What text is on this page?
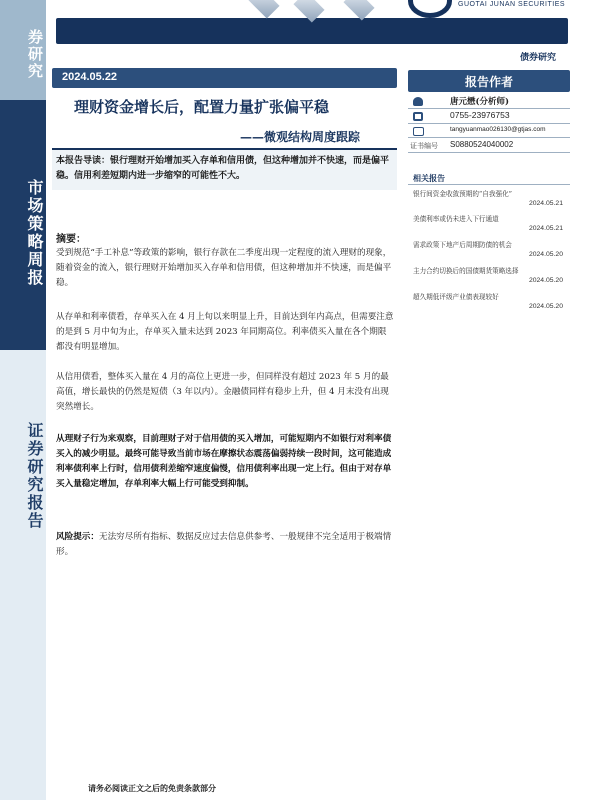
券研究
市场策略周报
证券研究报告
GUOTAI JUNAN SECURITIES
债券研究
2024.05.22
理财资金增长后，配置力量扩张偏平稳
——微观结构周度跟踪
本报告导读：银行理财开始增加买入存单和信用债，但这种增加并不快速，而是偏平稳。信用利差短期内进一步缩窄的可能性不大。
摘要：
受到规范“手工补息”等政策的影响，银行存款在二季度出现一定程度的流入理财的现象，随着资金的流入，银行理财开始增加买入存单和信用债，但这种增加并不快速，而是偏平稳。
从存单和利率债看，存单买入在 4 月上旬以来明显上升，目前达到年内高点，但需要注意的是到 5 月中旬为止，存单买入量未达到 2023 年同期高位。利率债买入量在各个期限都没有明显增加。
从信用债看，整体买入量在 4 月的高位上更进一步，但同样没有超过 2023 年 5 月的最高值，增长最快的仍然是短债（3 年以内）。金融债同样有稳步上升，但 4 月末没有出现突然增长。
从理财子行为来观察，目前理财子对于信用债的买入增加，可能短期内不如银行对利率债买入的减少明显。最终可能导致当前市场在摩擦状态震荡偏弱持续一段时间，这可能造成利率债利率上行时，信用债利差缩窄速度偏慢，信用债利率出现一定上行。但由于对存单买入量稳定增加，存单利率大幅上行可能受到抑制。
风险提示：无法穷尽所有指标、数据反应过去信息供参考、一般规律不完全适用于极端情形。
报告作者
唐元懋(分析师)
0755-23976753
tangyuanmao026130@gtjas.com
证书编号 S0880524040002
相关报告
银行间资金收敛预期的“自我强化”
2024.05.21
美债利率或仍未进入下行通道
2024.05.21
需求政策下地产后周期防债的机会
2024.05.20
主力合约切换后的国债期货策略选择
2024.05.20
超久期低评级产业债表现较好
2024.05.20
请务必阅读正文之后的免责条款部分
